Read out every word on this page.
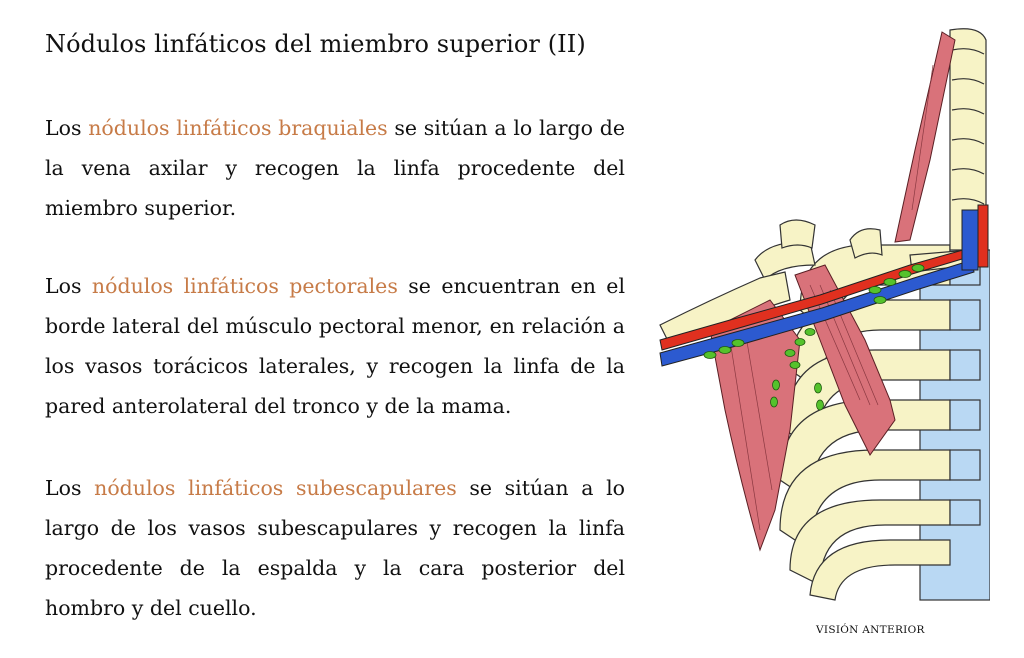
Nódulos linfáticos del miembro superior (II)
Los nódulos linfáticos braquiales se sitúan a lo largo de la vena axilar y recogen la linfa procedente del miembro superior.
Los nódulos linfáticos pectorales se encuentran en el borde lateral del músculo pectoral menor, en relación a los vasos torácicos laterales, y recogen la linfa de la pared anterolateral del tronco y de la mama.
Los nódulos linfáticos subescapulares se sitúan a lo largo de los vasos subescapulares y recogen la linfa procedente de la espalda y la cara posterior del hombro y del cuello.
VISIÓN ANTERIOR
